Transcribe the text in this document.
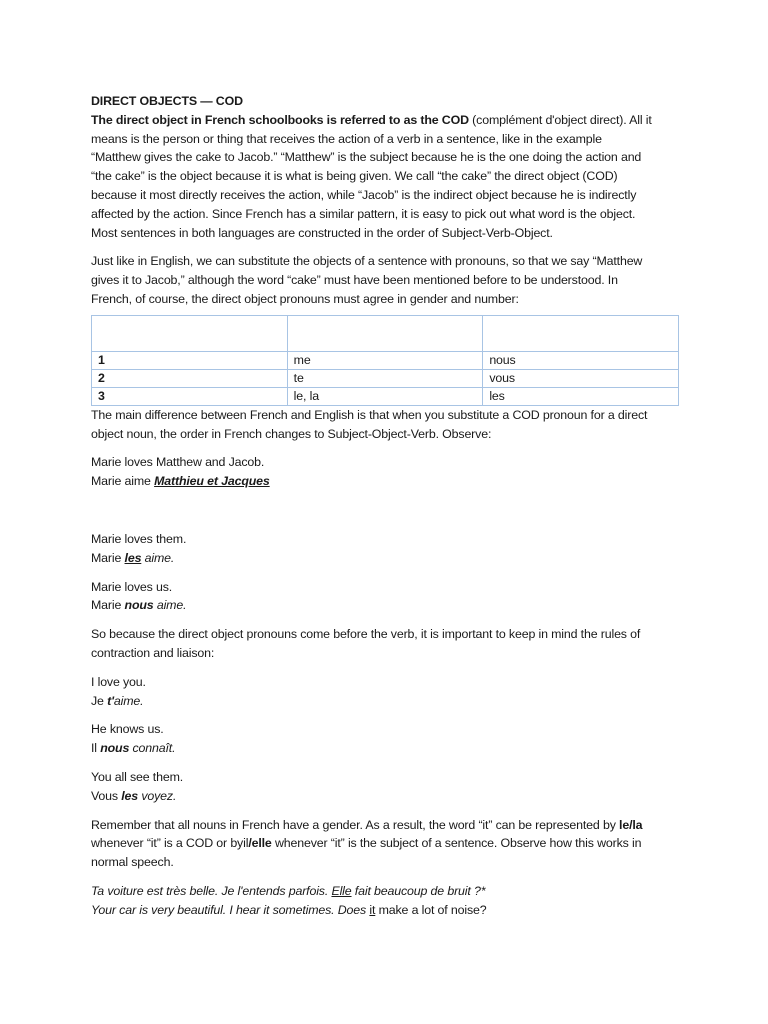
DIRECT OBJECTS — COD

The direct object in French schoolbooks is referred to as the COD (complément d'object direct). All it
means is the person or thing that receives the action of a verb in a sentence, like in the example
“Matthew gives the cake to Jacob.” “Matthew” is the subject because he is the one doing the action and
“the cake” is the object because it is what is being given. We call “the cake” the direct object (COD)
because it most directly receives the action, while “Jacob” is the indirect object because he is indirectly
affected by the action. Since French has a similar pattern, it is easy to pick out what word is the object.
Most sentences in both languages are constructed in the order of Subject-Verb-Object.

Just like in English, we can substitute the objects of a sentence with pronouns, so that we say “Matthew
gives it to Jacob,” although the word “cake” must have been mentioned before to be understood. In
French, of course, the direct object pronouns must agree in gender and number:

1	me	nous
2	te	vous
3	le, la	les

The main difference between French and English is that when you substitute a COD pronoun for a direct
object noun, the order in French changes to Subject-Object-Verb. Observe:

Marie loves Matthew and Jacob.
Marie aime Matthieu et Jacques

Marie loves them.
Marie les aime.

Marie loves us.
Marie nous aime.

So because the direct object pronouns come before the verb, it is important to keep in mind the rules of
contraction and liaison:

I love you.
Je t'aime.

He knows us.
Il nous connaît.

You all see them.
Vous les voyez.

Remember that all nouns in French have a gender. As a result, the word “it” can be represented by le/la
whenever “it” is a COD or byil/elle whenever “it” is the subject of a sentence. Observe how this works in
normal speech.

Ta voiture est très belle. Je l'entends parfois. Elle fait beaucoup de bruit ?*
Your car is very beautiful. I hear it sometimes. Does it make a lot of noise?
